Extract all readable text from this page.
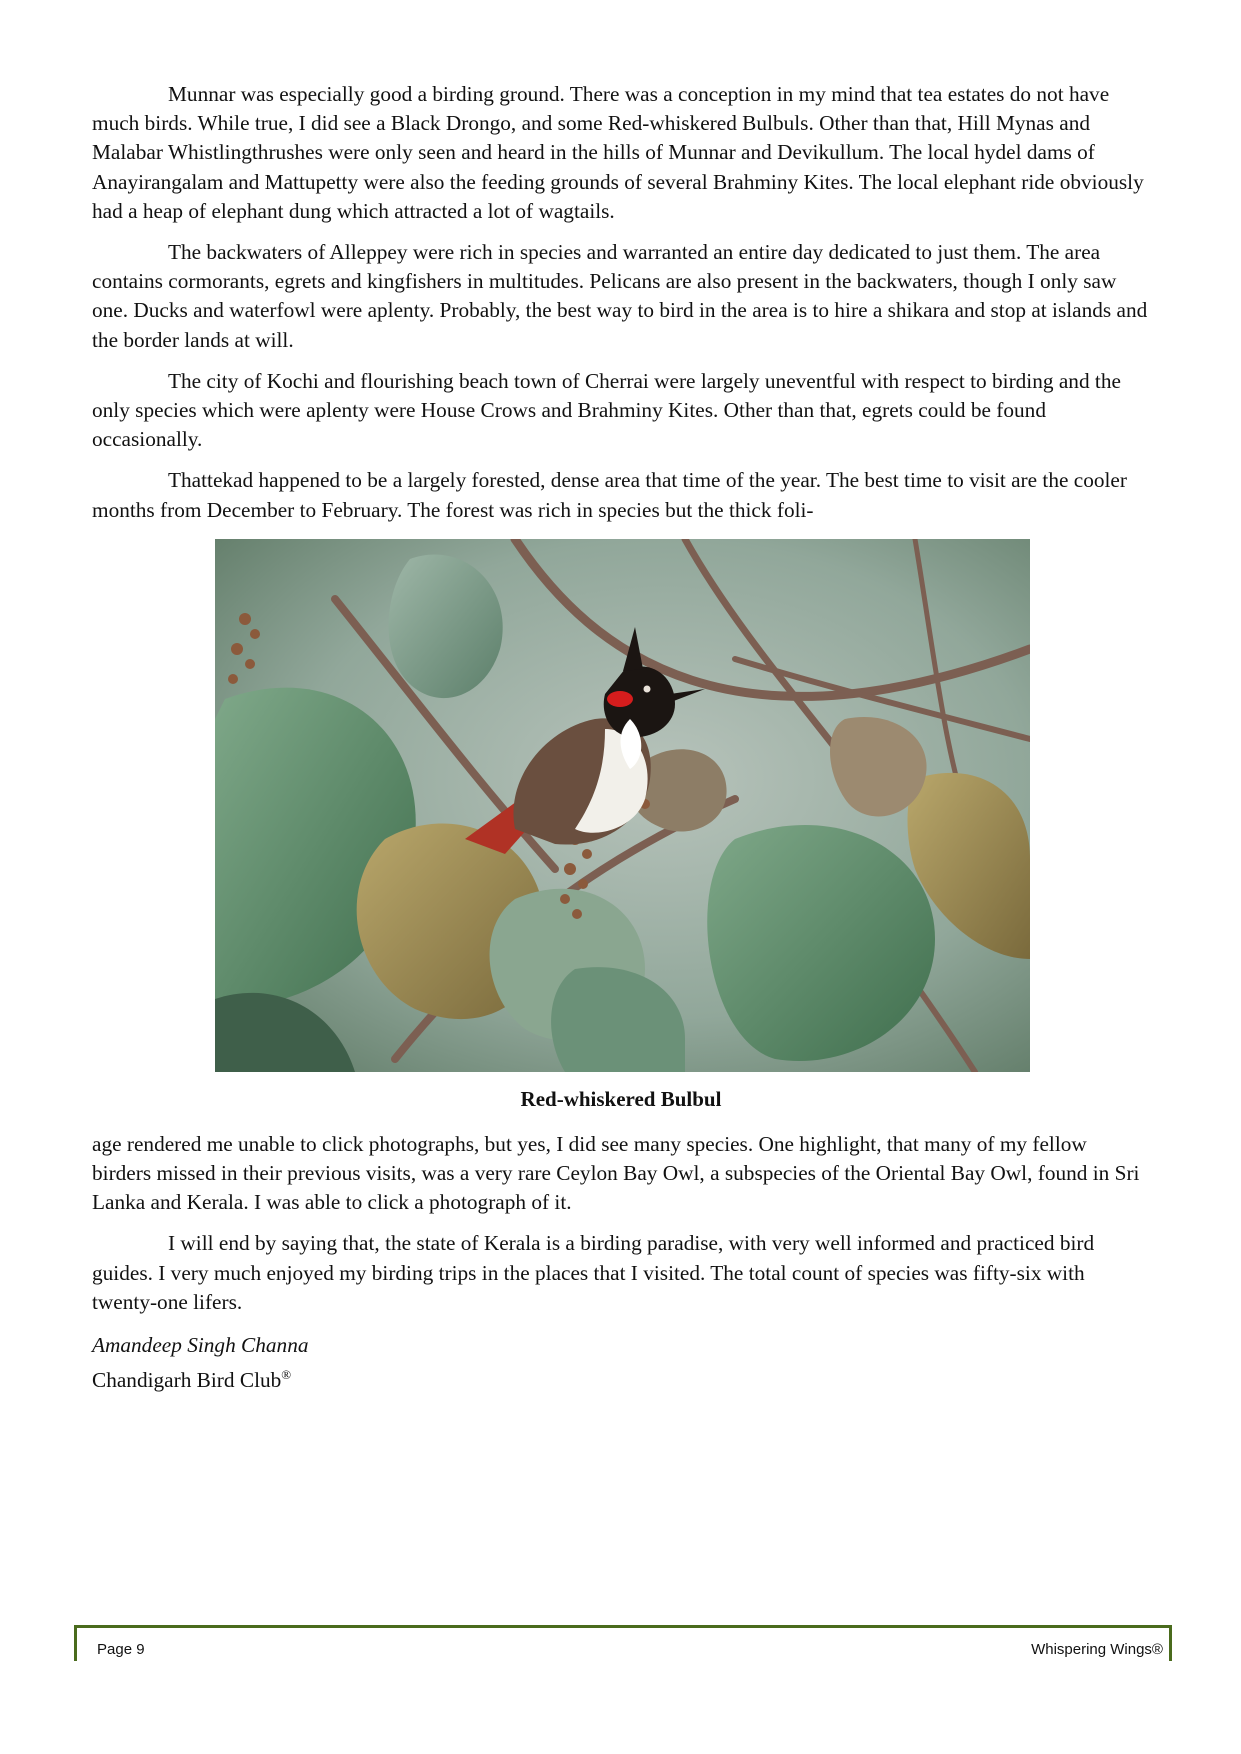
Munnar was especially good a birding ground. There was a conception in my mind that tea estates do not have much birds. While true, I did see a Black Drongo, and some Red-whiskered Bulbuls. Other than that, Hill Mynas and Malabar Whistlingthrushes were only seen and heard in the hills of Munnar and Devikullum. The local hydel dams of Anayirangalam and Mattupetty were also the feeding grounds of several Brahminy Kites. The local elephant ride obviously had a heap of elephant dung which attracted a lot of wagtails.

The backwaters of Alleppey were rich in species and warranted an entire day dedicated to just them. The area contains cormorants, egrets and kingfishers in multitudes. Pelicans are also present in the backwaters, though I only saw one. Ducks and waterfowl were aplenty. Probably, the best way to bird in the area is to hire a shikara and stop at islands and the border lands at will.

The city of Kochi and flourishing beach town of Cherrai were largely uneventful with respect to birding and the only species which were aplenty were House Crows and Brahminy Kites. Other than that, egrets could be found occasionally.

Thattekad happened to be a largely forested, dense area that time of the year. The best time to visit are the cooler months from December to February. The forest was rich in species but the thick foli-

Red-whiskered Bulbul

age rendered me unable to click photographs, but yes, I did see many species. One highlight, that many of my fellow birders missed in their previous visits, was a very rare Ceylon Bay Owl, a subspecies of the Oriental Bay Owl, found in Sri Lanka and Kerala. I was able to click a photograph of it.

I will end by saying that, the state of Kerala is a birding paradise, with very well informed and practiced bird guides. I very much enjoyed my birding trips in the places that I visited. The total count of species was fifty-six with twenty-one lifers.

Amandeep Singh Channa
Chandigarh Bird Club®
Page 9	Whispering Wings®
